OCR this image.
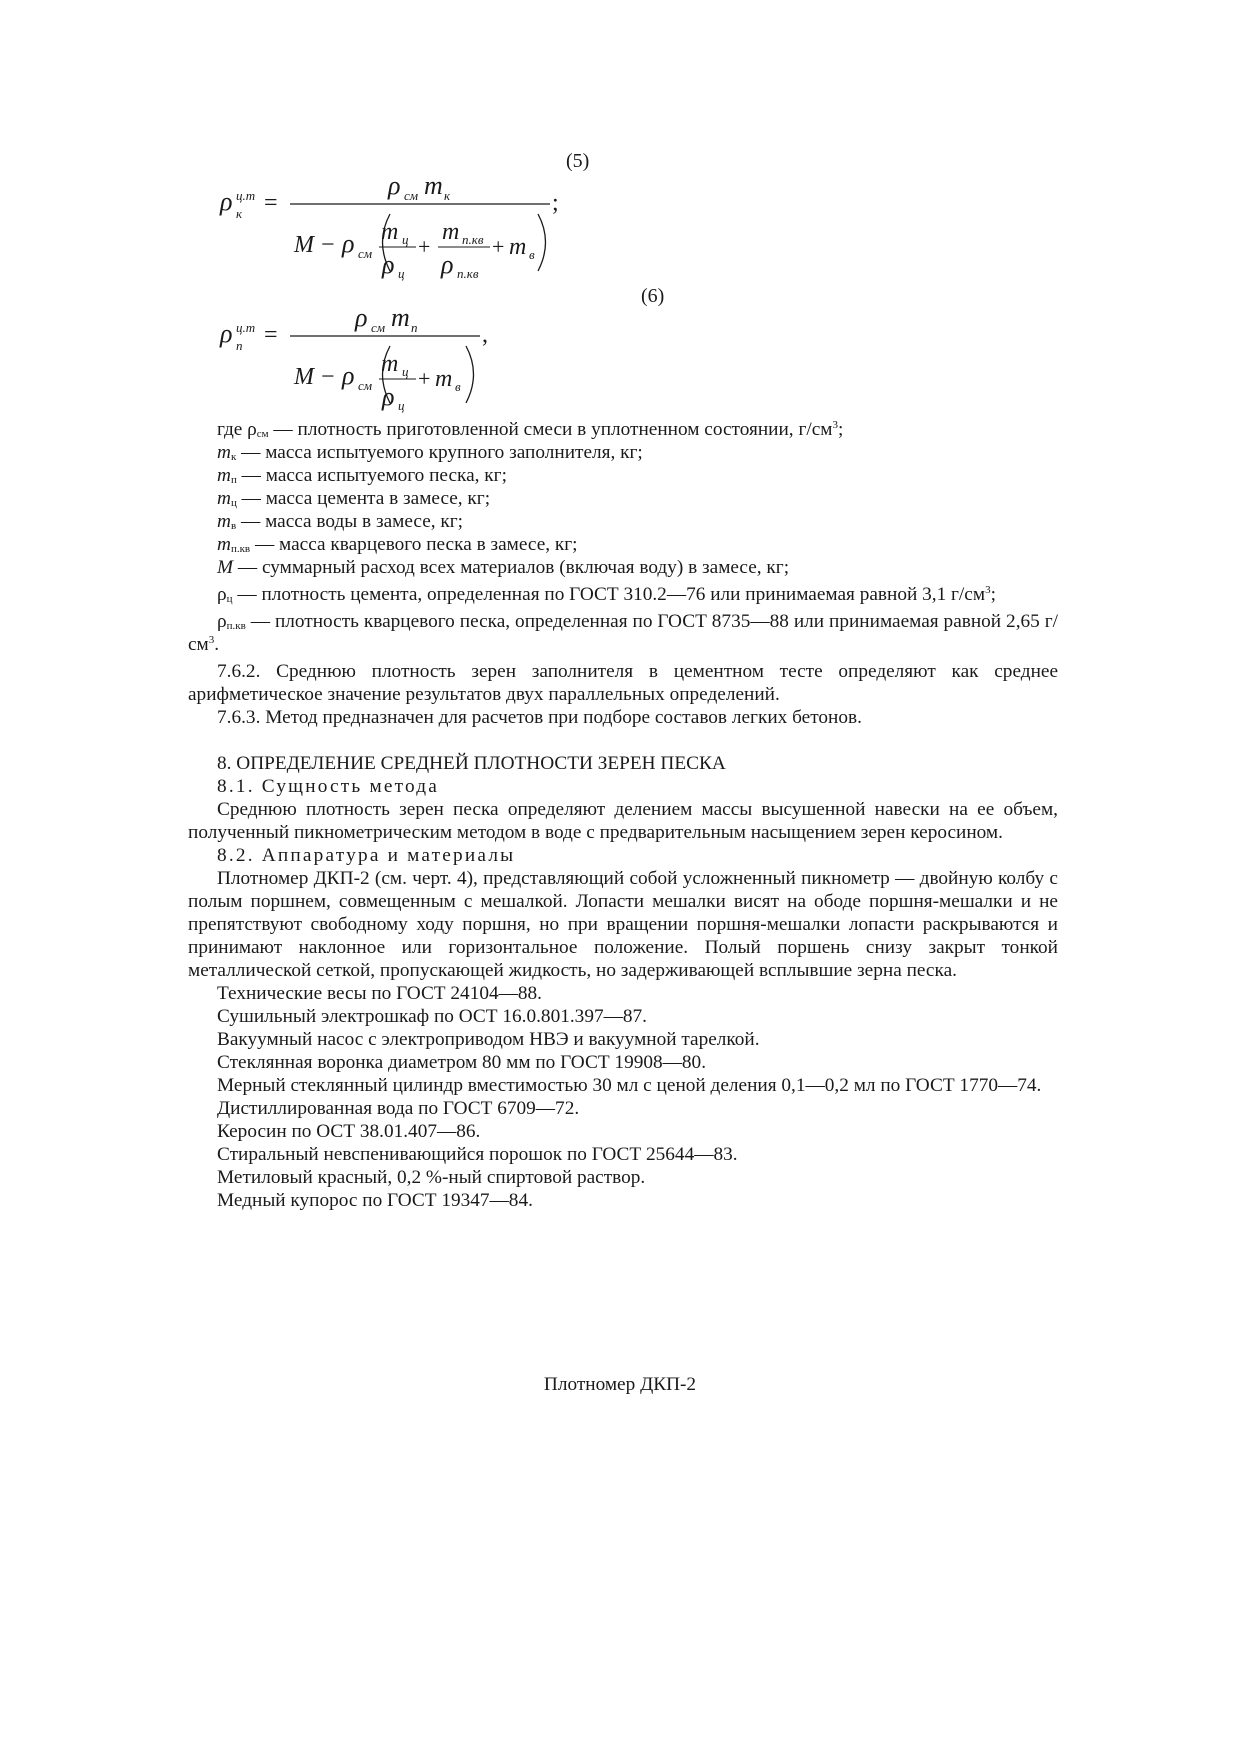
(5)
ρ ц.т
к =
ρ см m к	;
M − ρ см
m ц
ρ ц
+
m п.кв
ρ п.кв
+ m в
(6)
ρ ц.т
п =
ρ см m п	,
M − ρ см
m ц
ρ ц
+ m в

где $\rho_{см}$ — плотность приготовленной смеси в уплотненном состоянии, $г/см^3$;

$m_к$ — масса испытуемого крупного заполнителя, кг;

$m_п$ — масса испытуемого песка, кг;

$m_ц$ — масса цемента в замесе, кг;

$m_в$ — масса воды в замесе, кг;

$m_{п.кв}$ — масса кварцевого песка в замесе, кг;

M — суммарный расход всех материалов (включая воду) в замесе, кг;

$\rho_ц$ — плотность цемента, определенная по ГОСТ 310.2—76 или принимаемая равной 3,1 $г/см^3$;

$\rho_{п.кв}$ — плотность кварцевого песка, определенная по ГОСТ 8735—88 или принимаемая равной 2,65 $г/см^3$.

7.6.2. Среднюю плотность зерен заполнителя в цементном тесте определяют как среднее арифметическое значение результатов двух параллельных определений.

7.6.3. Метод предназначен для расчетов при подборе составов легких бетонов.

8. ОПРЕДЕЛЕНИЕ СРЕДНЕЙ ПЛОТНОСТИ ЗЕРЕН ПЕСКА

8.1. Сущность метода

Среднюю плотность зерен песка определяют делением массы высушенной навески на ее объем, полученный пикнометрическим методом в воде с предварительным насыщением зерен керосином.

8.2. Аппаратура и материалы

Плотномер ДКП-2 (см. черт. 4), представляющий собой усложненный пикнометр — двойную колбу с полым поршнем, совмещенным с мешалкой. Лопасти мешалки висят на ободе поршня-мешалки и не препятствуют свободному ходу поршня, но при вращении поршня-мешалки лопасти раскрываются и принимают наклонное или горизонтальное положение. Полый поршень снизу закрыт тонкой металлической сеткой, пропускающей жидкость, но задерживающей всплывшие зерна песка.

Технические весы по ГОСТ 24104—88.

Сушильный электрошкаф по ОСТ 16.0.801.397—87.

Вакуумный насос с электроприводом НВЭ и вакуумной тарелкой.

Стеклянная воронка диаметром 80 мм по ГОСТ 19908—80.

Мерный стеклянный цилиндр вместимостью 30 мл с ценой деления 0,1—0,2 мл по ГОСТ 1770—74.

Дистиллированная вода по ГОСТ 6709—72.

Керосин по ОСТ 38.01.407—86.

Стиральный невспенивающийся порошок по ГОСТ 25644—83.

Метиловый красный, 0,2 %-ный спиртовой раствор.

Медный купорос по ГОСТ 19347—84.

Плотномер ДКП-2
